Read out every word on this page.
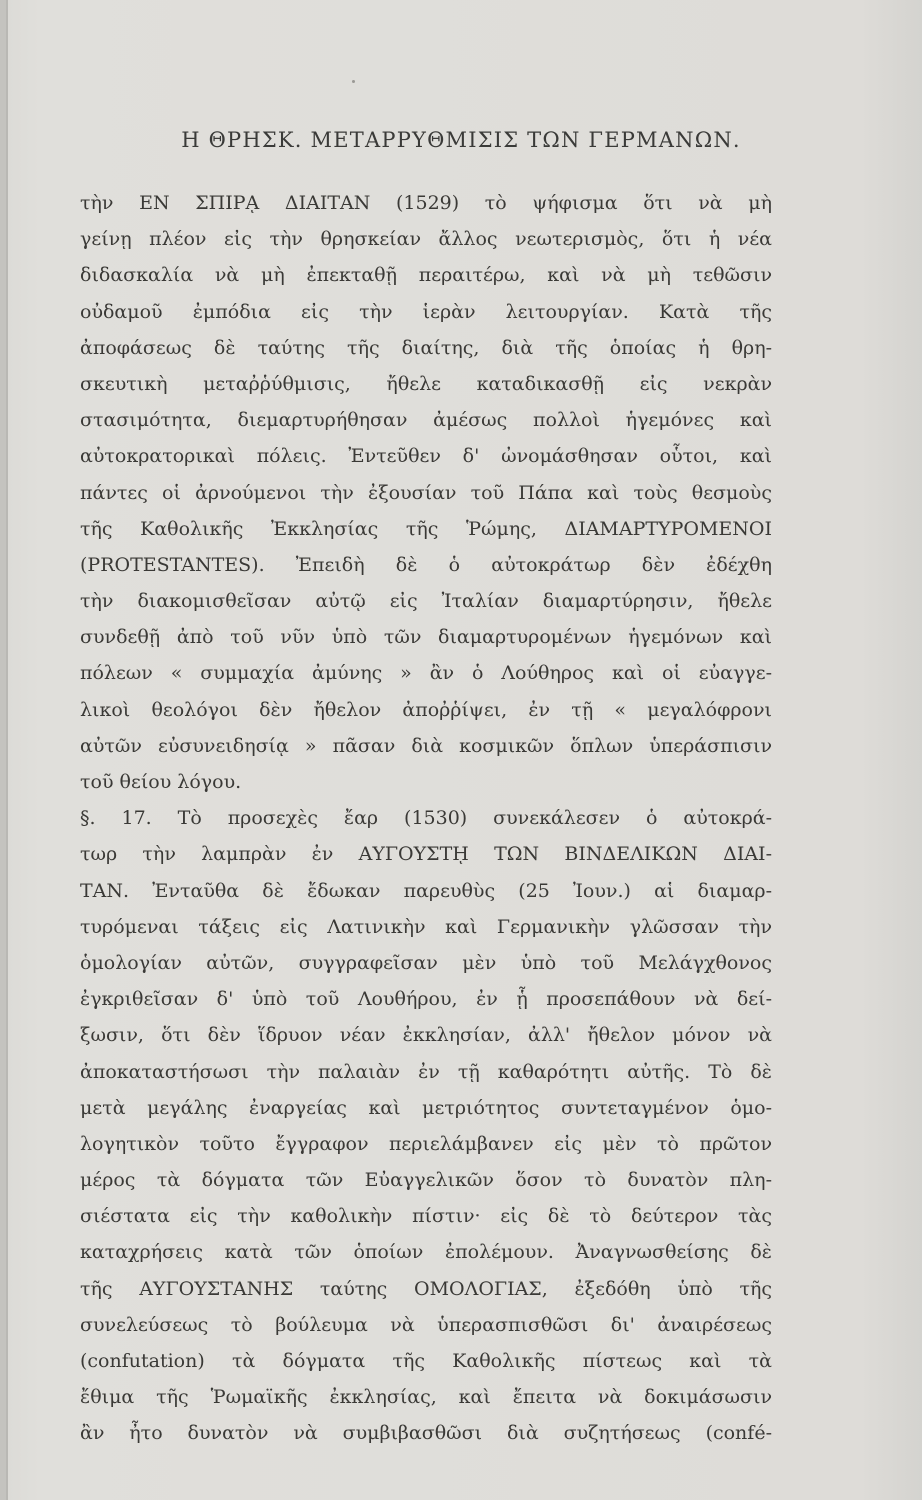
Η ΘΡΗΣΚ. ΜΕΤΑΡΡΥΘΜΙΣΙΣ ΤΩΝ ΓΕΡΜΑΝΩΝ.
τὴν ΕΝ ΣΠΙΡᾼ ΔΙΑΙΤΑΝ (1529) τὸ ψήφισμα ὅτι νὰ μὴ
γείνῃ πλέον εἰς τὴν θρησκείαν ἄλλος νεωτερισμὸς, ὅτι ἡ νέα
διδασκαλία νὰ μὴ ἐπεκταθῇ περαιτέρω, καὶ νὰ μὴ τεθῶσιν
οὐδαμοῦ ἐμπόδια εἰς τὴν ἱερὰν λειτουργίαν. Κατὰ τῆς
ἀποφάσεως δὲ ταύτης τῆς διαίτης, διὰ τῆς ὁποίας ἡ θρη-
σκευτικὴ μεταῤῥύθμισις, ἤθελε καταδικασθῇ εἰς νεκρὰν
στασιμότητα, διεμαρτυρήθησαν ἀμέσως πολλοὶ ἡγεμόνες καὶ
αὐτοκρατορικαὶ πόλεις. Ἐντεῦθεν δ' ὠνομάσθησαν οὗτοι, καὶ
πάντες οἱ ἀρνούμενοι τὴν ἐξουσίαν τοῦ Πάπα καὶ τοὺς θεσμοὺς
τῆς Καθολικῆς Ἐκκλησίας τῆς Ῥώμης, ΔΙΑΜΑΡΤΥΡΟΜΕΝΟΙ
(PROTESTANTES). Ἐπειδὴ δὲ ὁ αὐτοκράτωρ δὲν ἐδέχθη
τὴν διακομισθεῖσαν αὐτῷ εἰς Ἰταλίαν διαμαρτύρησιν, ἤθελε
συνδεθῇ ἀπὸ τοῦ νῦν ὑπὸ τῶν διαμαρτυρομένων ἡγεμόνων καὶ
πόλεων « συμμαχία ἀμύνης » ἂν ὁ Λούθηρος καὶ οἱ εὐαγγε-
λικοὶ θεολόγοι δὲν ἤθελον ἀποῤῥίψει, ἐν τῇ « μεγαλόφρονι
αὐτῶν εὐσυνειδησίᾳ » πᾶσαν διὰ κοσμικῶν ὅπλων ὑπεράσπισιν
τοῦ θείου λόγου.
§. 17. Τὸ προσεχὲς ἔαρ (1530) συνεκάλεσεν ὁ αὐτοκρά-
τωρ τὴν λαμπρὰν ἐν ΑΥΓΟΥΣΤῌ ΤΩΝ ΒΙΝΔΕΛΙΚΩΝ ΔΙΑΙ-
ΤΑΝ. Ἐνταῦθα δὲ ἔδωκαν παρευθὺς (25 Ἰουν.) αἱ διαμαρ-
τυρόμεναι τάξεις εἰς Λατινικὴν καὶ Γερμανικὴν γλῶσσαν τὴν
ὁμολογίαν αὐτῶν, συγγραφεῖσαν μὲν ὑπὸ τοῦ Μελάγχθονος
ἐγκριθεῖσαν δ' ὑπὸ τοῦ Λουθήρου, ἐν ᾗ προσεπάθουν νὰ δεί-
ξωσιν, ὅτι δὲν ἵδρυον νέαν ἐκκλησίαν, ἀλλ' ἤθελον μόνον νὰ
ἀποκαταστήσωσι τὴν παλαιὰν ἐν τῇ καθαρότητι αὐτῆς. Τὸ δὲ
μετὰ μεγάλης ἐναργείας καὶ μετριότητος συντεταγμένον ὁμο-
λογητικὸν τοῦτο ἔγγραφον περιελάμβανεν εἰς μὲν τὸ πρῶτον
μέρος τὰ δόγματα τῶν Εὐαγγελικῶν ὅσον τὸ δυνατὸν πλη-
σιέστατα εἰς τὴν καθολικὴν πίστιν· εἰς δὲ τὸ δεύτερον τὰς
καταχρήσεις κατὰ τῶν ὁποίων ἐπολέμουν. Ἀναγνωσθείσης δὲ
τῆς ΑΥΓΟΥΣΤΑΝΗΣ ταύτης ΟΜΟΛΟΓΙΑΣ, ἐξεδόθη ὑπὸ τῆς
συνελεύσεως τὸ βούλευμα νὰ ὑπερασπισθῶσι δι' ἀναιρέσεως
(confutation) τὰ δόγματα τῆς Καθολικῆς πίστεως καὶ τὰ
ἔθιμα τῆς Ῥωμαϊκῆς ἐκκλησίας, καὶ ἔπειτα νὰ δοκιμάσωσιν
ἂν ἦτο δυνατὸν νὰ συμβιβασθῶσι διὰ συζητήσεως (confé-
